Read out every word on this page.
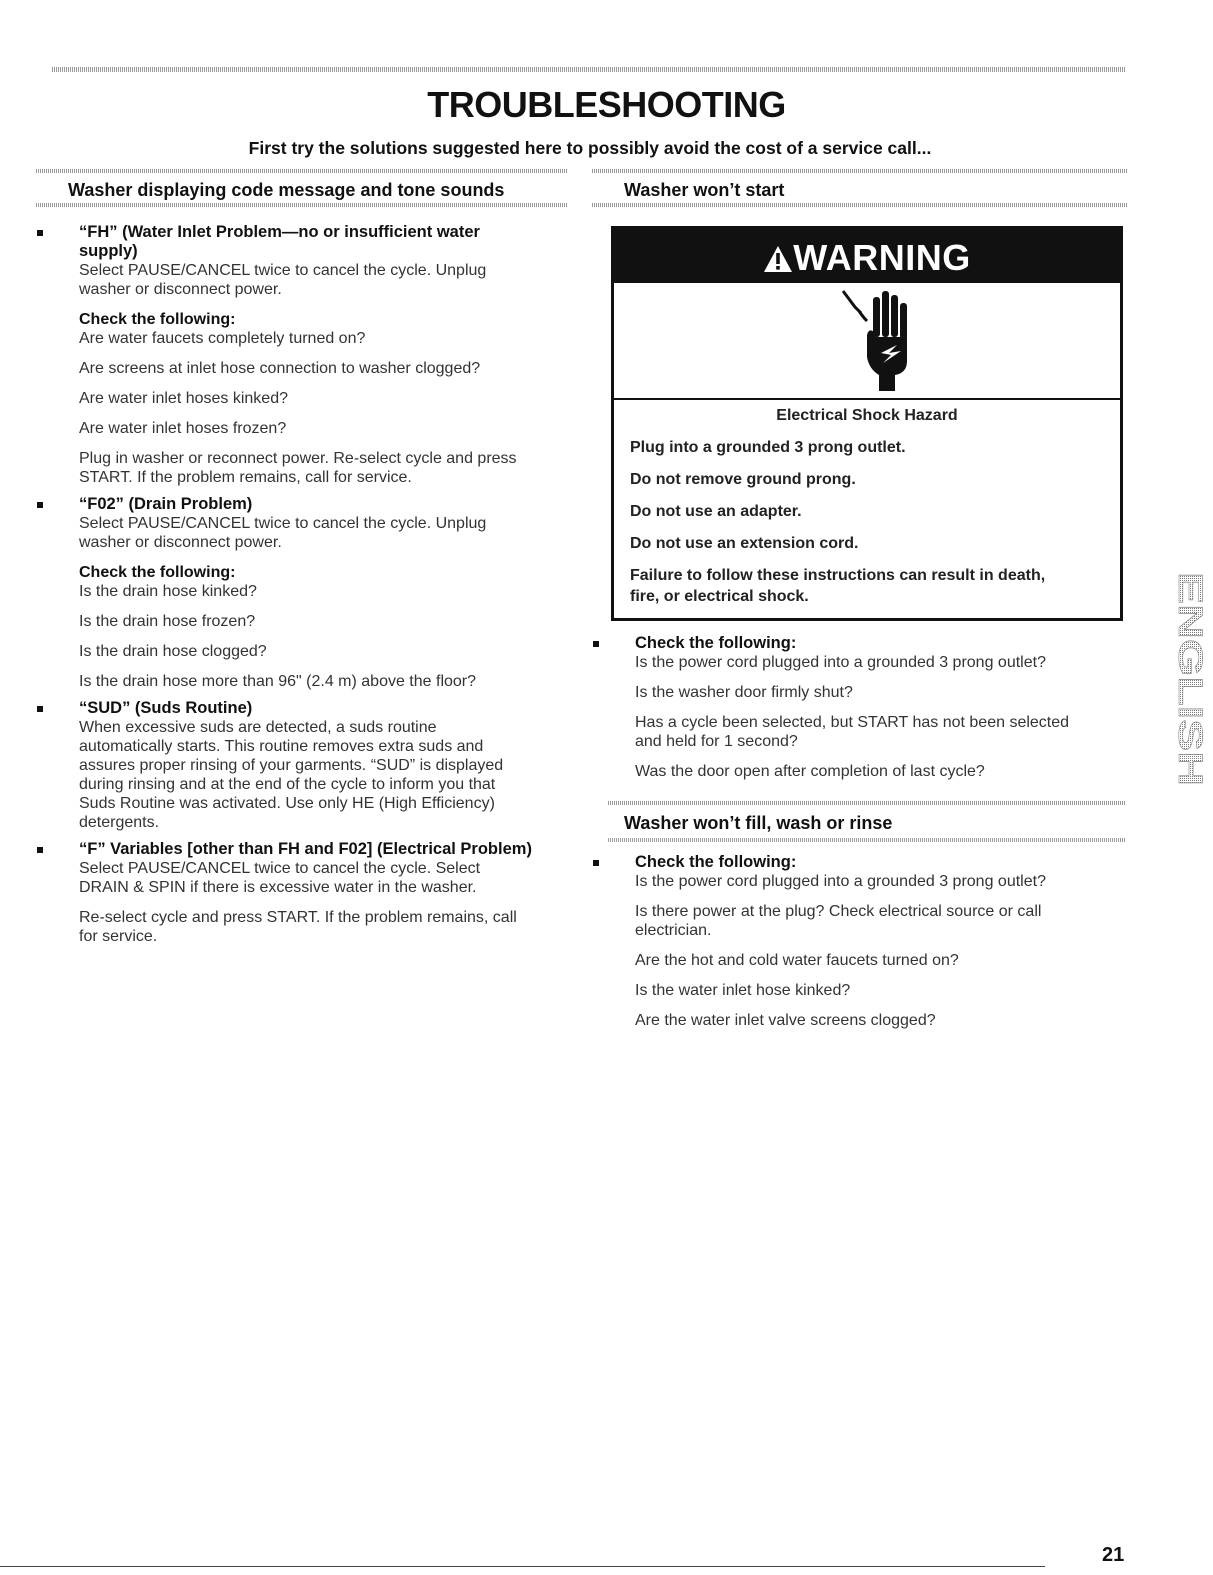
TROUBLESHOOTING
First try the solutions suggested here to possibly avoid the cost of a service call...
Washer displaying code message and tone sounds
“FH” (Water Inlet Problem—no or insufficient water
supply)
Select PAUSE/CANCEL twice to cancel the cycle. Unplug
washer or disconnect power.
Check the following:
Are water faucets completely turned on?
Are screens at inlet hose connection to washer clogged?
Are water inlet hoses kinked?
Are water inlet hoses frozen?
Plug in washer or reconnect power. Re-select cycle and press
START. If the problem remains, call for service.
“F02” (Drain Problem)
Select PAUSE/CANCEL twice to cancel the cycle. Unplug
washer or disconnect power.
Check the following:
Is the drain hose kinked?
Is the drain hose frozen?
Is the drain hose clogged?
Is the drain hose more than 96" (2.4 m) above the floor?
“SUD” (Suds Routine)
When excessive suds are detected, a suds routine
automatically starts. This routine removes extra suds and
assures proper rinsing of your garments. “SUD” is displayed
during rinsing and at the end of the cycle to inform you that
Suds Routine was activated. Use only HE (High Efficiency)
detergents.
“F” Variables [other than FH and F02] (Electrical Problem)
Select PAUSE/CANCEL twice to cancel the cycle. Select
DRAIN & SPIN if there is excessive water in the washer.
Re-select cycle and press START. If the problem remains, call
for service.
Washer won’t start
WARNING
Electrical Shock Hazard
Plug into a grounded 3 prong outlet.
Do not remove ground prong.
Do not use an adapter.
Do not use an extension cord.
Failure to follow these instructions can result in death,
fire, or electrical shock.
Check the following:
Is the power cord plugged into a grounded 3 prong outlet?
Is the washer door firmly shut?
Has a cycle been selected, but START has not been selected
and held for 1 second?
Was the door open after completion of last cycle?
Washer won’t fill, wash or rinse
Check the following:
Is the power cord plugged into a grounded 3 prong outlet?
Is there power at the plug? Check electrical source or call
electrician.
Are the hot and cold water faucets turned on?
Is the water inlet hose kinked?
Are the water inlet valve screens clogged?
ENGLISH
21
